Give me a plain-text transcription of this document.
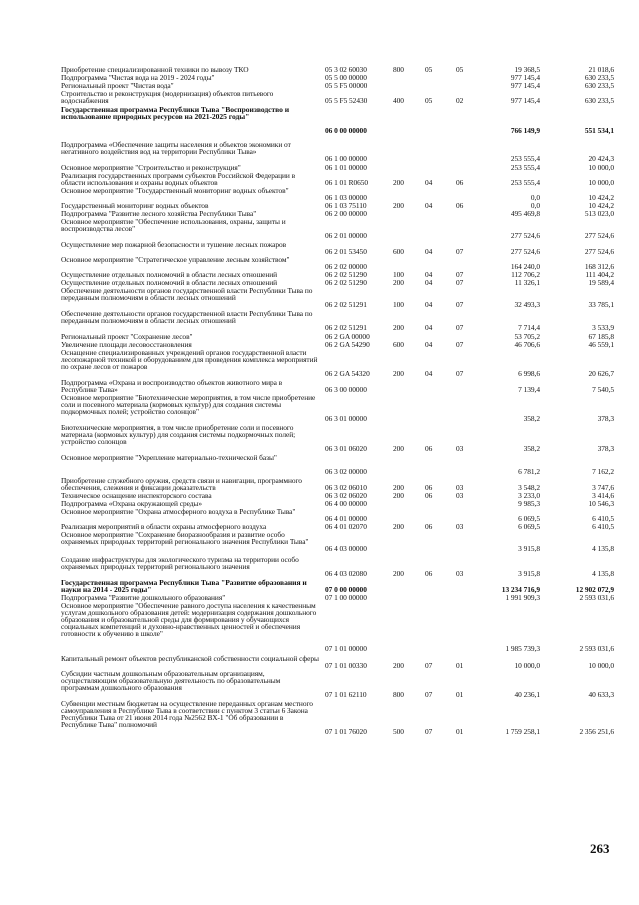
Приобретение специализированной техники по вывозу ТКО	05 3 02 60030	800	05	05	19 368,5	21 018,6
Подпрограмма "Чистая вода на 2019 - 2024 годы"	05 5 00 00000	977 145,4	630 233,5
Региональный проект "Чистая вода"	05 5 F5 00000	977 145,4	630 233,5
Строительство и реконструкция (модернизация) объектов питьевого водоснабжения	05 5 F5 52430	400	05	02	977 145,4	630 233,5
Государственная программа Республики Тыва "Воспроизводство и использование природных ресурсов на 2021-2025 годы"
06 0 00 00000	766 149,9	551 534,1
Подпрограмма «Обеспечение защиты населения и объектов экономики от негативного воздействия вод на территории Республики Тыва»
06 1 00 00000	253 555,4	20 424,3
Основное мероприятие "Строительство и реконструкция"	06 1 01 00000	253 555,4	10 000,0
Реализация государственных программ субъектов Российской Федерации в области использования и охраны водных объектов	06 1 01 R0650	200	04	06	253 555,4	10 000,0
Основное мероприятие "Государственный мониторинг водных объектов"
06 1 03 00000	0,0	10 424,2
Государственный мониторинг водных объектов	06 1 03 75110	200	04	06	0,0	10 424,2
Подпрограмма "Развитие лесного хозяйства Республики Тыва"	06 2 00 00000	495 469,8	513 023,0
Основное мероприятие "Обеспечение использования, охраны, защиты и воспроизводства лесов"
06 2 01 00000	277 524,6	277 524,6
Осуществление мер пожарной безопасности и тушение лесных пожаров
06 2 01 53450	600	04	07	277 524,6	277 524,6
Основное мероприятие "Стратегическое управление лесным хозяйством"
06 2 02 00000	164 240,0	168 312,6
Осуществление отдельных полномочий в области лесных отношений	06 2 02 51290	100	04	07	112 706,2	111 404,2
Осуществление отдельных полномочий в области лесных отношений	06 2 02 51290	200	04	07	11 326,1	19 589,4
Обеспечение деятельности органов государственной власти Республики Тыва по переданным полномочиям в области лесных отношений
06 2 02 51291	100	04	07	32 493,3	33 785,1
Обеспечение деятельности органов государственной власти Республики Тыва по переданным полномочиям в области лесных отношений
06 2 02 51291	200	04	07	7 714,4	3 533,9
Региональный проект "Сохранение лесов"	06 2 GA 00000	53 705,2	67 185,8
Увеличение площади лесовосстановления	06 2 GA 54290	600	04	07	46 706,6	46 559,1
Оснащение специализированных учреждений органов государственной власти лесопожарной техникой и оборудованием для проведения комплекса мероприятий по охране лесов от пожаров
06 2 GA 54320	200	04	07	6 998,6	20 626,7
Подпрограмма «Охрана и воспроизводство объектов животного мира в Республике Тыва»	06 3 00 00000	7 139,4	7 540,5
Основное мероприятие "Биотехнические мероприятия, в том числе приобретение соли и посевного материала (кормовых культур) для создания системы подкормочных полей; устройство солонцов"
06 3 01 00000	358,2	378,3
Биотехнические мероприятия, в том числе приобретение соли и посевного материала (кормовых культур) для создания системы подкормочных полей; устройство солонцов
06 3 01 06020	200	06	03	358,2	378,3
Основное мероприятие "Укрепление материально-технической базы"
06 3 02 00000	6 781,2	7 162,2
Приобретение служебного оружия, средств связи и навигации, программного обеспечения, слежения и фиксации доказательств	06 3 02 06010	200	06	03	3 548,2	3 747,6
Техническое оснащение инспекторского состава	06 3 02 06020	200	06	03	3 233,0	3 414,6
Подпрограмма «Охрана окружающей среды»	06 4 00 00000	9 985,3	10 546,3
Основное мероприятие "Охрана атмосферного воздуха в Республике Тыва"
06 4 01 00000	6 069,5	6 410,5
Реализация мероприятий в области охраны атмосферного воздуха	06 4 01 02070	200	06	03	6 069,5	6 410,5
Основное мероприятие "Сохранение биоразнообразия и развитие особо охраняемых природных территорий регионального значения Республики Тыва"
06 4 03 00000	3 915,8	4 135,8
Создание инфраструктуры для экологического туризма на территории особо охраняемых природных территорий регионального значения
06 4 03 02080	200	06	03	3 915,8	4 135,8
Государственная программа Республики Тыва "Развитие образования и науки на 2014 - 2025 годы"	07 0 00 00000	13 234 716,9	12 902 072,9
Подпрограмма "Развитие дошкольного образования"	07 1 00 00000	1 991 909,3	2 593 031,6
Основное мероприятие "Обеспечение равного доступа населения к качественным услугам дошкольного образования детей: модернизация содержания дошкольного образования и образовательной среды для формирования у обучающихся социальных компетенций и духовно-нравственных ценностей и обеспечения готовности к обучению в школе"
07 1 01 00000	1 985 739,3	2 593 031,6
Капитальный ремонт объектов республиканской собственности социальной сферы
07 1 01 00330	200	07	01	10 000,0	10 000,0
Субсидии частным дошкольным образовательным организациям, осуществляющим образовательную деятельность по образовательным программам дошкольного образования
07 1 01 62110	800	07	01	40 236,1	40 633,3
Субвенции местным бюджетам на осуществление переданных органам местного самоуправления в Республике Тыва в соответствии с пунктом 3 статьи 6 Закона Республики Тыва от 21 июня 2014 года №2562 ВХ-1 "Об образовании в Республике Тыва" полномочий
07 1 01 76020	500	07	01	1 759 258,1	2 356 251,6
263
